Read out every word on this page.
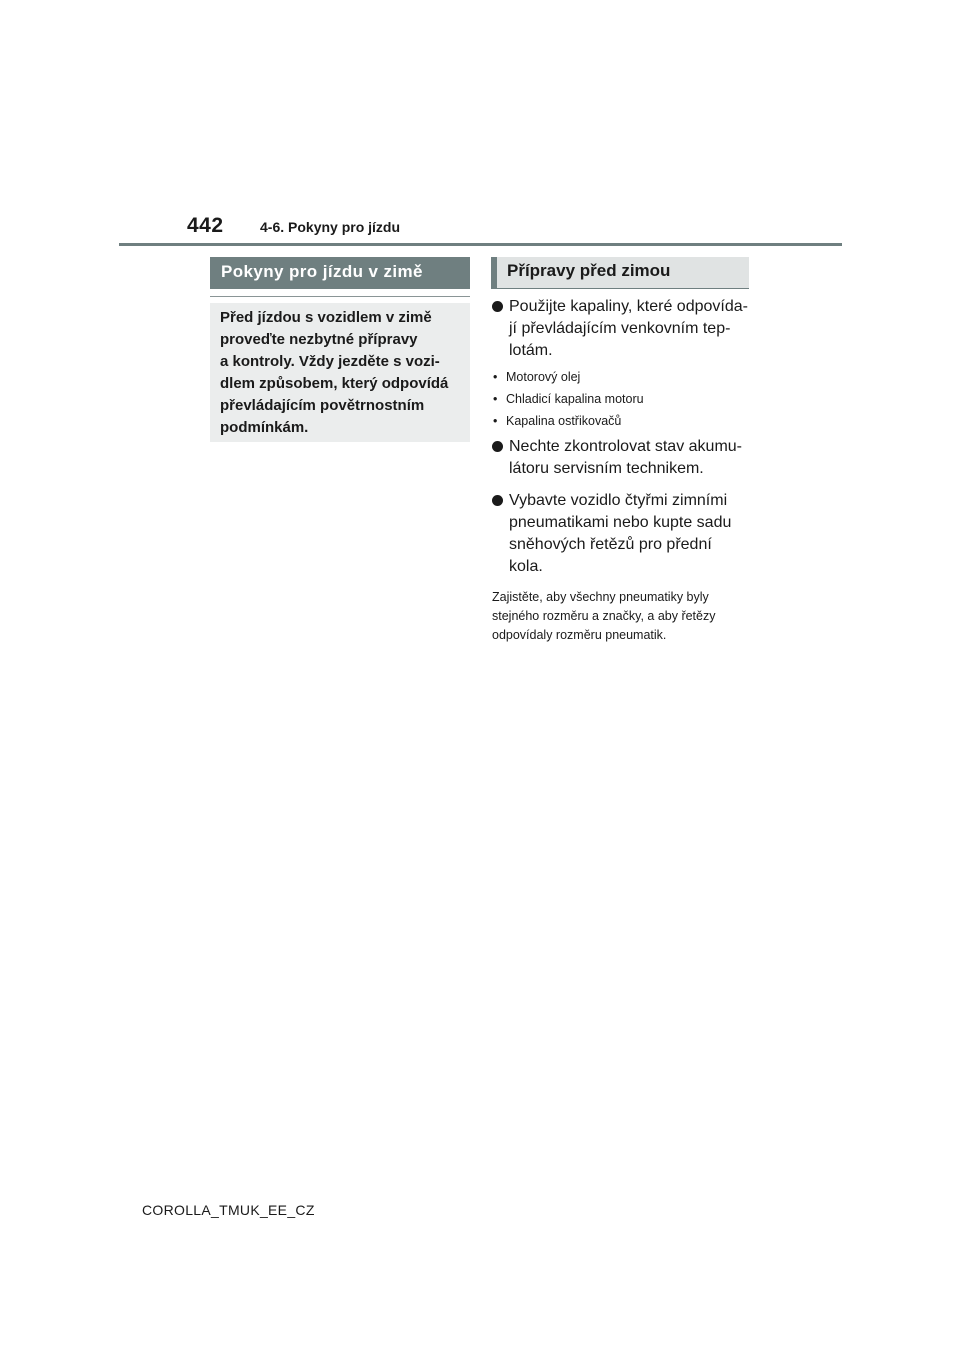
442	4-6. Pokyny pro jízdu
Pokyny pro jízdu v zimě
Před jízdou s vozidlem v zimě
proveďte nezbytné přípravy
a kontroly. Vždy jezděte s vozi-
dlem způsobem, který odpovídá
převládajícím povětrnostním
podmínkám.
Přípravy před zimou
Použijte kapaliny, které odpovída-
jí převládajícím venkovním tep-
lotám.
• Motorový olej
• Chladicí kapalina motoru
• Kapalina ostřikovačů
Nechte zkontrolovat stav akumu-
látoru servisním technikem.
Vybavte vozidlo čtyřmi zimními
pneumatikami nebo kupte sadu
sněhových řetězů pro přední
kola.
Zajistěte, aby všechny pneumatiky byly
stejného rozměru a značky, a aby řetězy
odpovídaly rozměru pneumatik.
COROLLA_TMUK_EE_CZ
